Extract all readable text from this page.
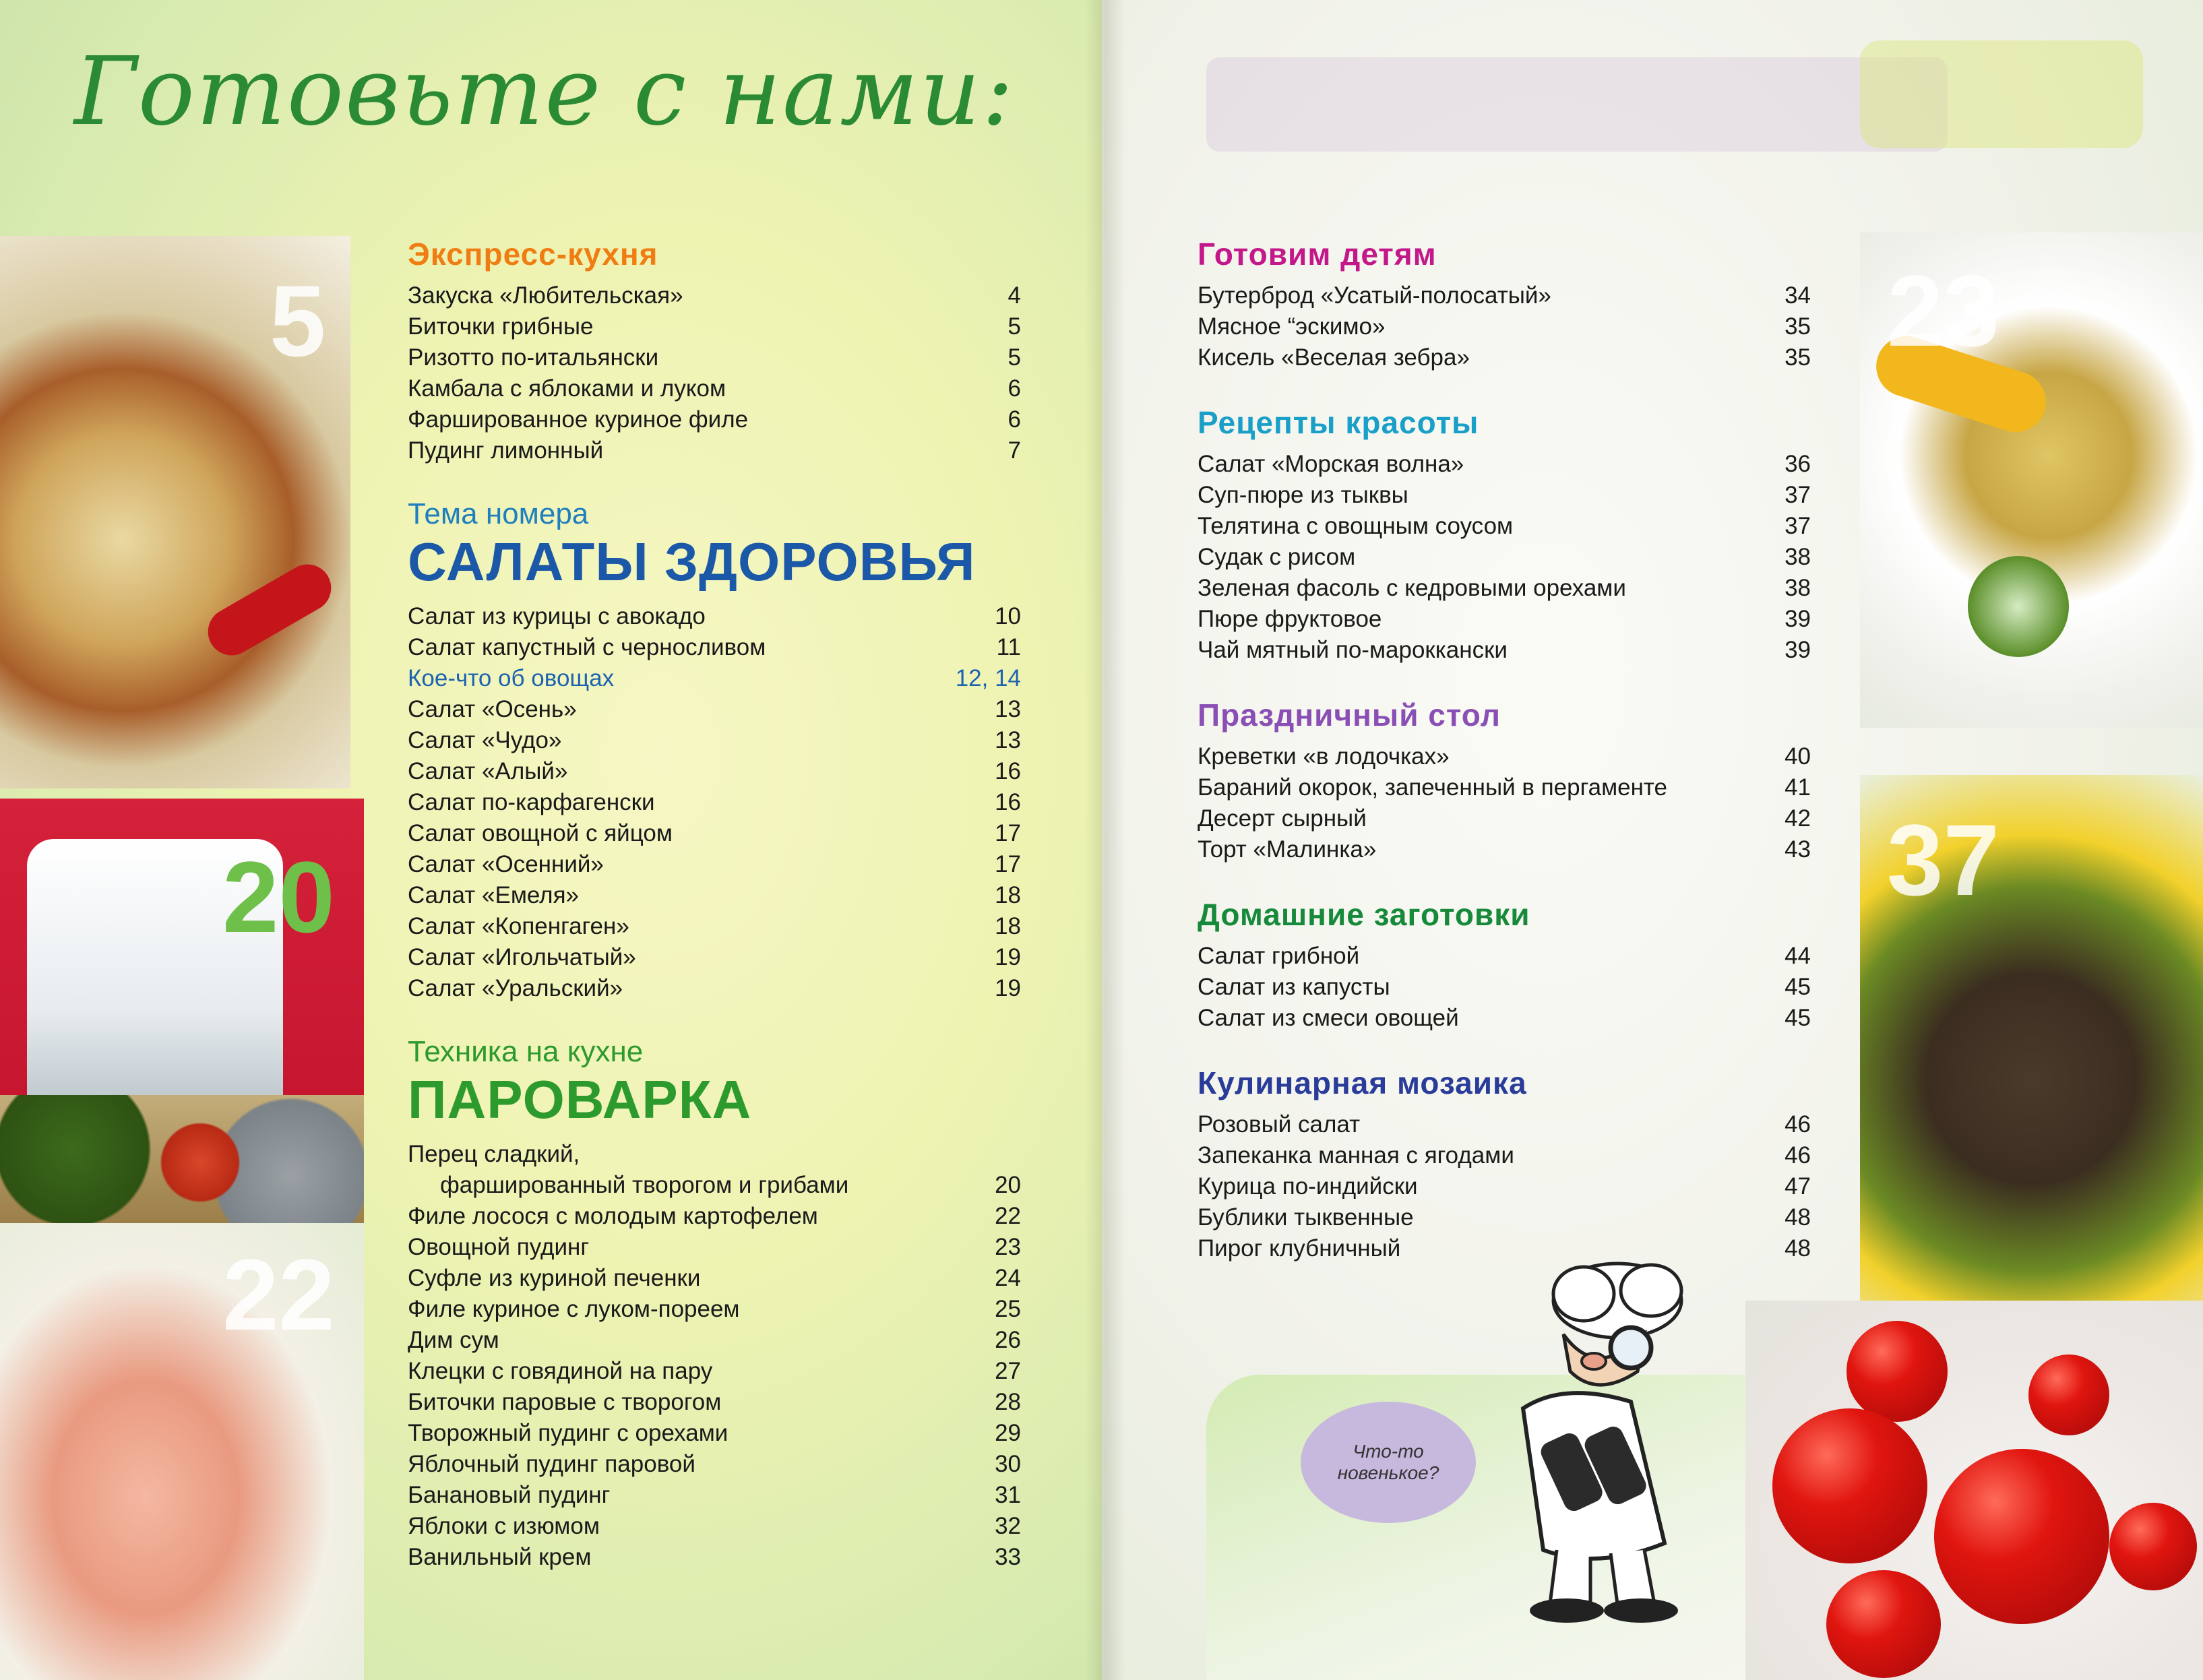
5
20
22
23
37
Готовьте с нами:
Экспресс-кухня
Закуска «Любительская»	4
Биточки грибные	5
Ризотто по-итальянски	5
Камбала с яблоками и луком	6
Фаршированное куриное филе	6
Пудинг лимонный	7
Тема номера
САЛАТЫ ЗДОРОВЬЯ
Салат из курицы с авокадо	10
Салат капустный с черносливом	11
Кое-что об овощах	12, 14
Салат «Осень»	13
Салат «Чудо»	13
Салат «Алый»	16
Салат по-карфагенски	16
Салат овощной с яйцом	17
Салат «Осенний»	17
Салат «Емеля»	18
Салат «Копенгаген»	18
Салат «Игольчатый»	19
Салат «Уральский»	19
Техника на кухне
ПАРОВАРКА
Перец сладкий,
фаршированный творогом и грибами	20
Филе лосося с молодым картофелем	22
Овощной пудинг	23
Суфле из куриной печенки	24
Филе куриное с луком-пореем	25
Дим сум	26
Клецки с говядиной на пару	27
Биточки паровые с творогом	28
Творожный пудинг с орехами	29
Яблочный пудинг паровой	30
Банановый пудинг	31
Яблоки с изюмом	32
Ванильный крем	33
Готовим детям
Бутерброд «Усатый-полосатый»	34
Мясное “эскимо»	35
Кисель «Веселая зебра»	35
Рецепты красоты
Салат «Морская волна»	36
Суп-пюре из тыквы	37
Телятина с овощным соусом	37
Судак с рисом	38
Зеленая фасоль с кедровыми орехами	38
Пюре фруктовое	39
Чай мятный по-мароккански	39
Праздничный стол
Креветки «в лодочках»	40
Бараний окорок, запеченный в пергаменте	41
Десерт сырный	42
Торт «Малинка»	43
Домашние заготовки
Салат грибной	44
Салат из капусты	45
Салат из смеси овощей	45
Кулинарная мозаика
Розовый салат	46
Запеканка манная с ягодами	46
Курица по-индийски	47
Бублики тыквенные	48
Пирог клубничный	48
Что-то новенькое?
